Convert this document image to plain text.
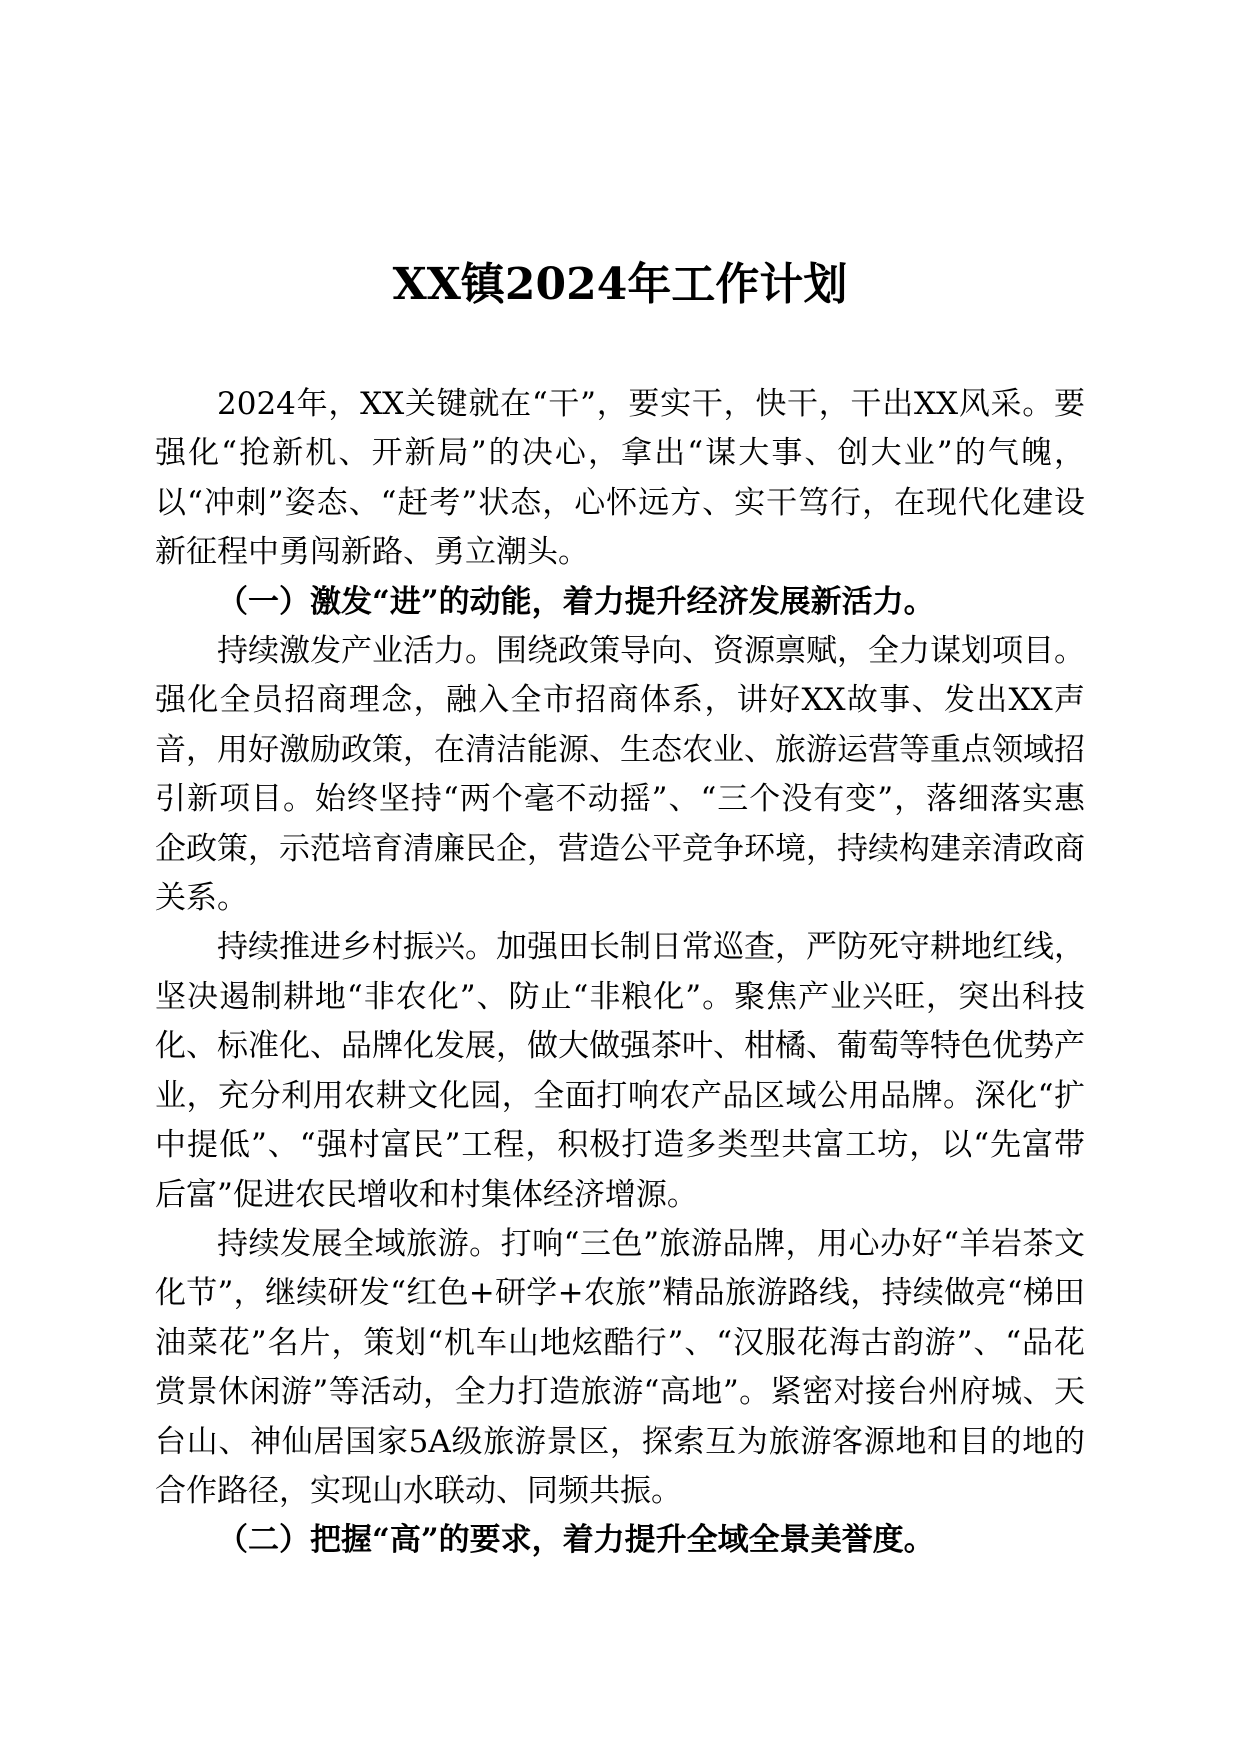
XX镇2024年工作计划

2024年，XX关键就在“干”，要实干，快干，干出XX风采。要强化“抢新机、开新局”的决心，拿出“谋大事、创大业”的气魄，以“冲刺”姿态、“赶考”状态，心怀远方、实干笃行，在现代化建设新征程中勇闯新路、勇立潮头。

（一）激发“进”的动能，着力提升经济发展新活力。

持续激发产业活力。围绕政策导向、资源禀赋，全力谋划项目。强化全员招商理念，融入全市招商体系，讲好XX故事、发出XX声音，用好激励政策，在清洁能源、生态农业、旅游运营等重点领域招引新项目。始终坚持“两个毫不动摇”、“三个没有变”，落细落实惠企政策，示范培育清廉民企，营造公平竞争环境，持续构建亲清政商关系。

持续推进乡村振兴。加强田长制日常巡查，严防死守耕地红线，坚决遏制耕地“非农化”、防止“非粮化”。聚焦产业兴旺，突出科技化、标准化、品牌化发展，做大做强茶叶、柑橘、葡萄等特色优势产业，充分利用农耕文化园，全面打响农产品区域公用品牌。深化“扩中提低”、“强村富民”工程，积极打造多类型共富工坊，以“先富带后富”促进农民增收和村集体经济增源。

持续发展全域旅游。打响“三色”旅游品牌，用心办好“羊岩茶文化节”，继续研发“红色+研学+农旅”精品旅游路线，持续做亮“梯田油菜花”名片，策划“机车山地炫酷行”、“汉服花海古韵游”、“品花赏景休闲游”等活动，全力打造旅游“高地”。紧密对接台州府城、天台山、神仙居国家5A级旅游景区，探索互为旅游客源地和目的地的合作路径，实现山水联动、同频共振。

（二）把握“高”的要求，着力提升全域全景美誉度。
